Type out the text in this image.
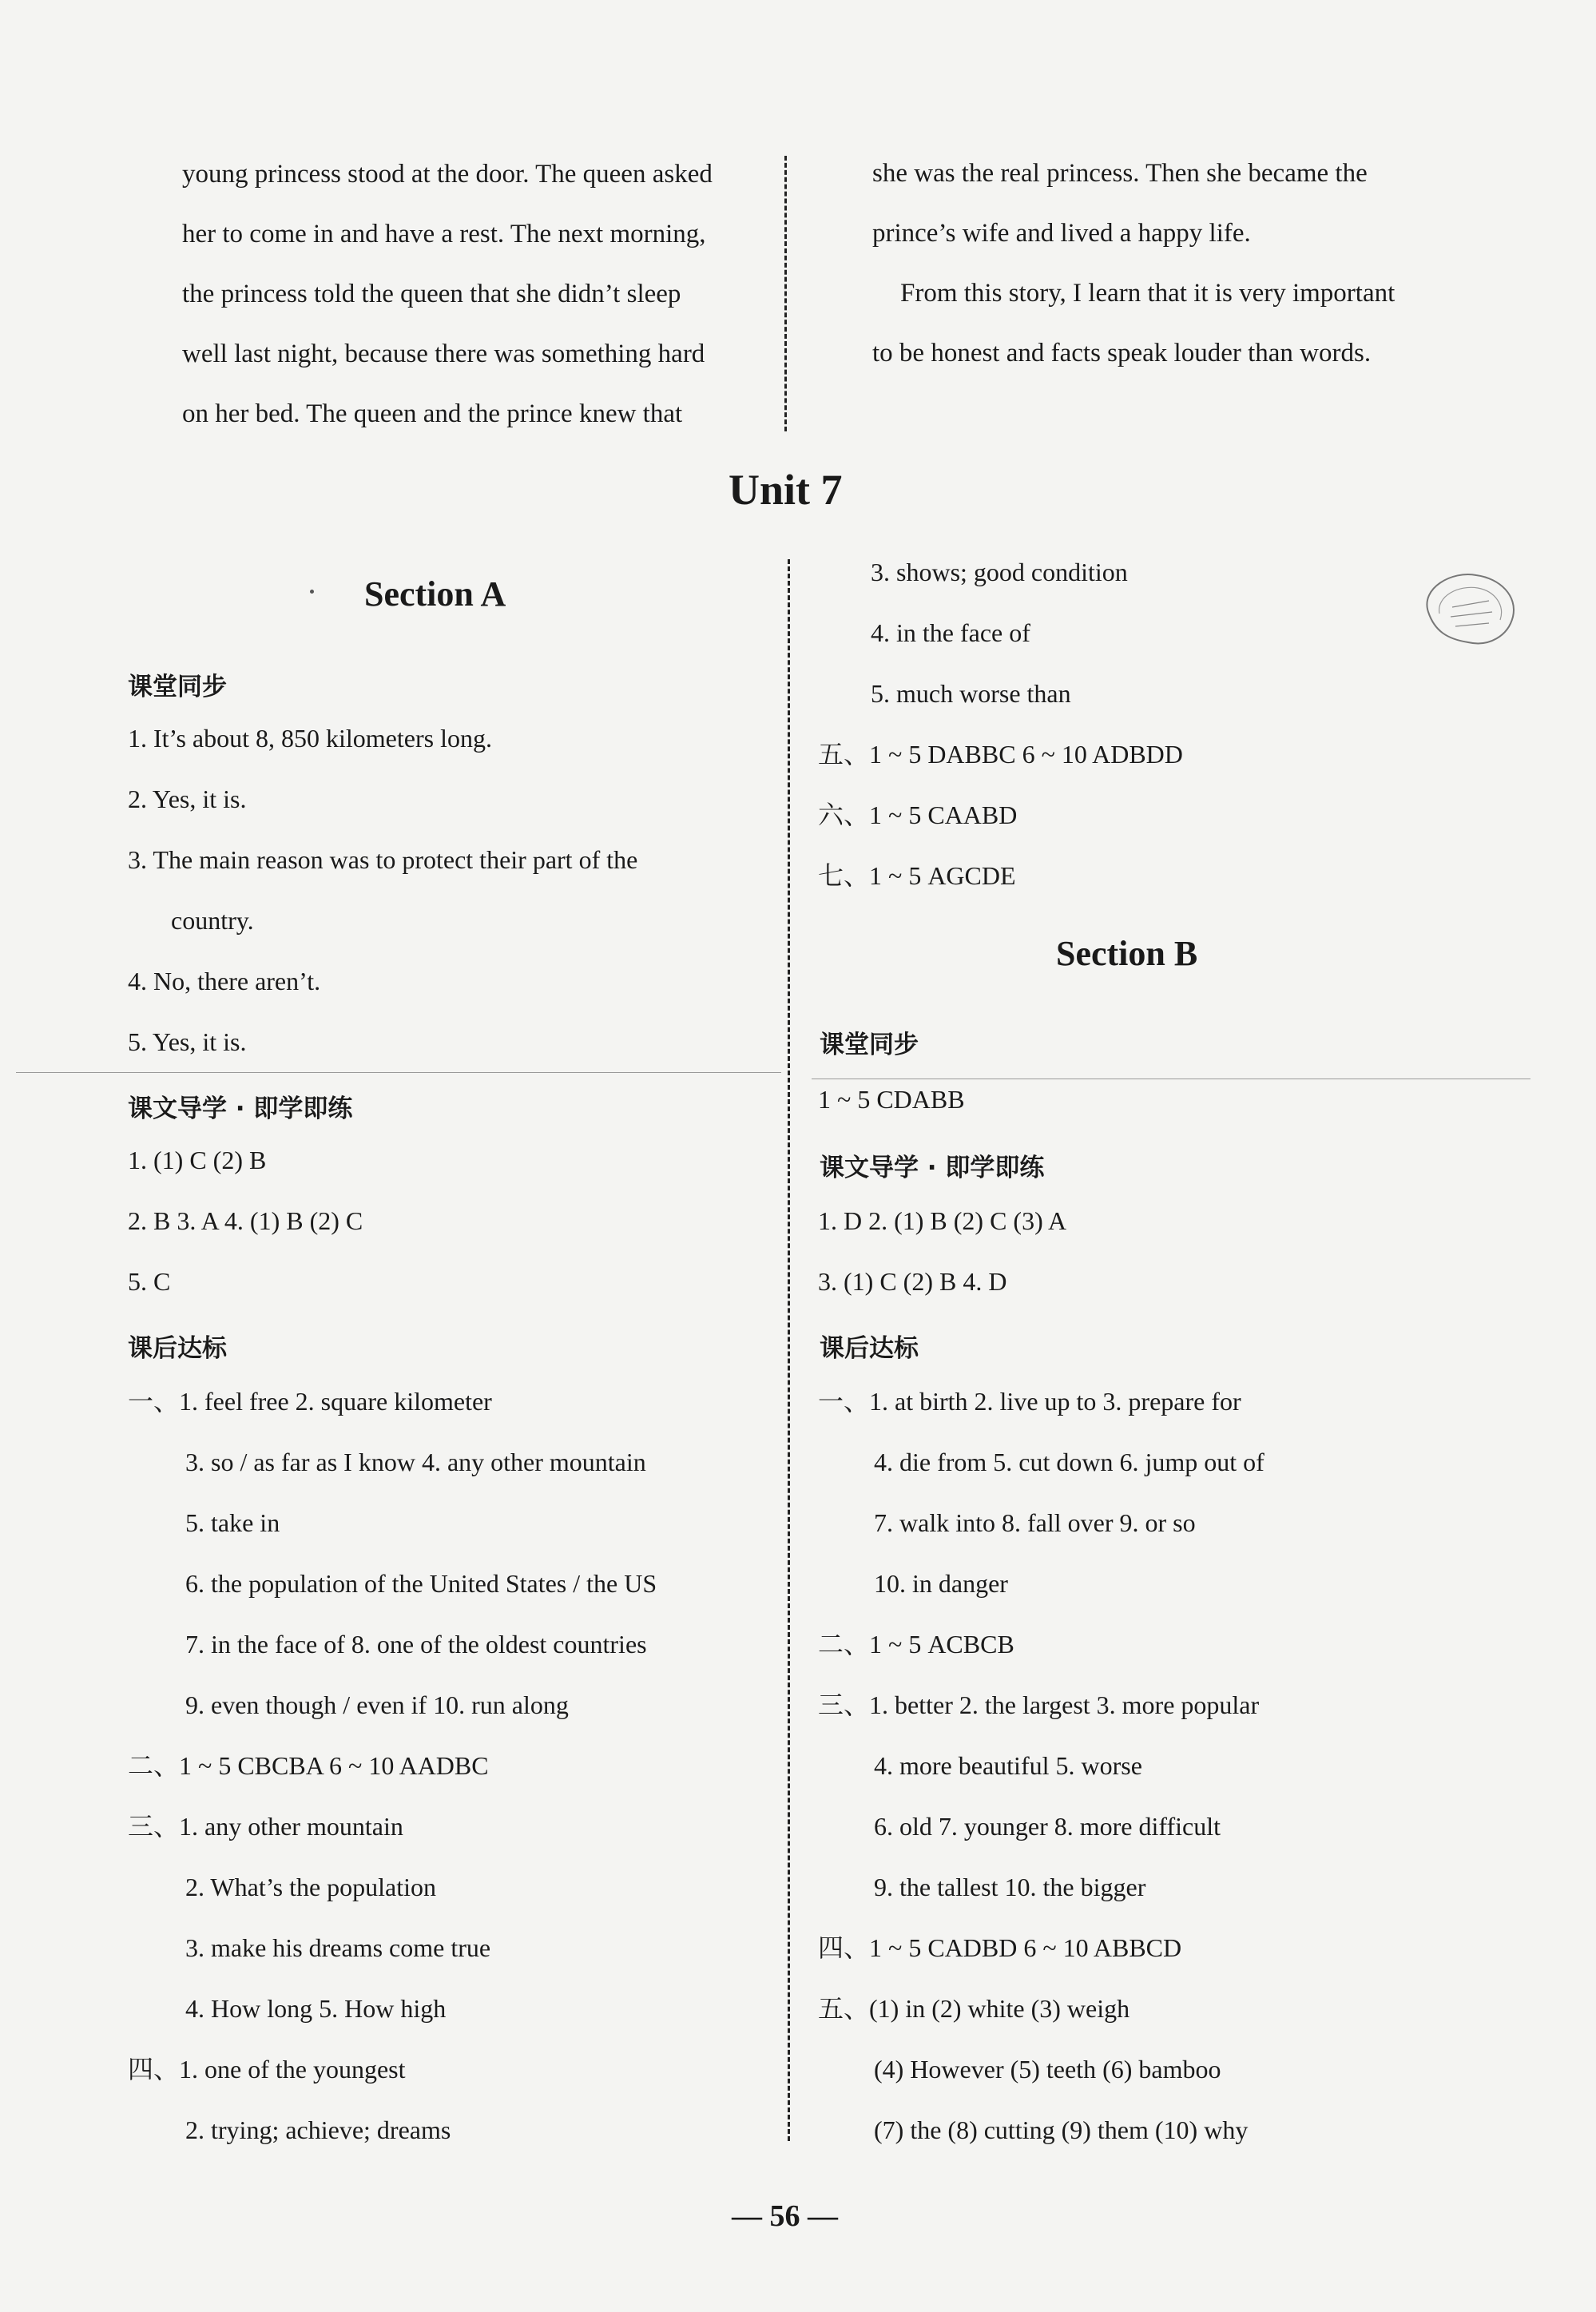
young princess stood at the door. The queen asked
her to come in and have a rest. The next morning,
the princess told the queen that she didn’t sleep
well last night, because there was something hard
on her bed. The queen and the prince knew that
she was the real princess. Then she became the
prince’s wife and lived a happy life.
From this story, I learn that it is very important
to be honest and facts speak louder than words.
Unit 7
Section A
课堂同步
1. It’s about 8, 850 kilometers long.
2. Yes, it is.
3. The main reason was to protect their part of the
country.
4. No, there aren’t.
5. Yes, it is.
课文导学 · 即学即练
1. (1) C (2) B
2. B 3. A 4. (1) B (2) C
5. C
课后达标
一、1. feel free 2. square kilometer
3. so / as far as I know 4. any other mountain
5. take in
6. the population of the United States / the US
7. in the face of 8. one of the oldest countries
9. even though / even if 10. run along
二、1 ~ 5 CBCBA 6 ~ 10 AADBC
三、1. any other mountain
2. What’s the population
3. make his dreams come true
4. How long 5. How high
四、1. one of the youngest
2. trying; achieve; dreams
3. shows; good condition
4. in the face of
5. much worse than
五、1 ~ 5 DABBC 6 ~ 10 ADBDD
六、1 ~ 5 CAABD
七、1 ~ 5 AGCDE
Section B
课堂同步
1 ~ 5 CDABB
课文导学 · 即学即练
1. D 2. (1) B (2) C (3) A
3. (1) C (2) B 4. D
课后达标
一、1. at birth 2. live up to 3. prepare for
4. die from 5. cut down 6. jump out of
7. walk into 8. fall over 9. or so
10. in danger
二、1 ~ 5 ACBCB
三、1. better 2. the largest 3. more popular
4. more beautiful 5. worse
6. old 7. younger 8. more difficult
9. the tallest 10. the bigger
四、1 ~ 5 CADBD 6 ~ 10 ABBCD
五、(1) in (2) white (3) weigh
(4) However (5) teeth (6) bamboo
(7) the (8) cutting (9) them (10) why
— 56 —
